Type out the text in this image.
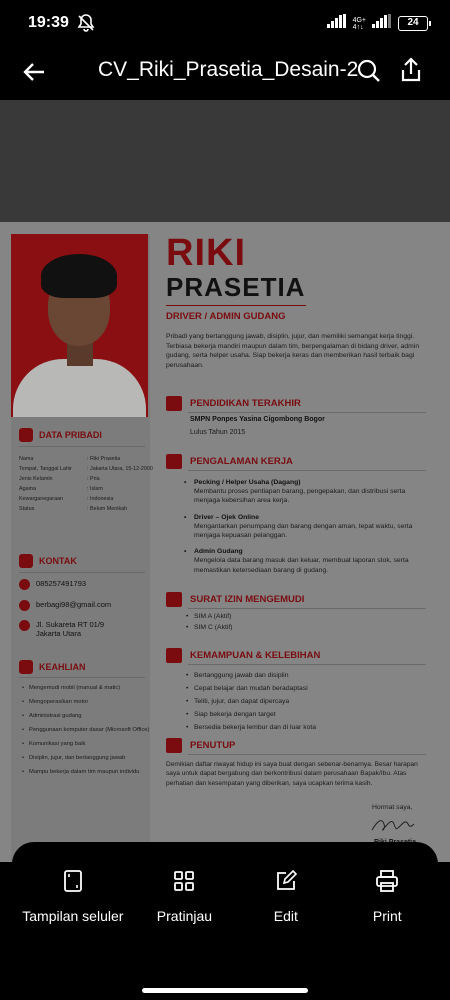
19:39	4G+
4↑↓	24
CV_Riki_Prasetia_Desain-2
DATA PRIBADI
Nama	: Riki Prasetia
Tempat, Tanggal Lahir	: Jakarta Utara, 15-12-2000
Jenis Kelamin	: Pria
Agama	: Islam
Kewarganegaraan	: Indonesia
Status	: Belum Menikah
KONTAK
085257491793
berbagi98@gmail.com
Jl. Sukareta RT 01/9
Jakarta Utara
KEAHLIAN
• Mengemudi mobil (manual & matic)
• Mengoperasikan motor
• Administrasi gudang
• Penggunaan komputer dasar (Microsoft Office)
• Komunikasi yang baik
• Disiplin, jujur, dan bertanggung jawab
• Mampu bekerja dalam tim maupun individu
RIKI
PRASETIA
DRIVER / ADMIN GUDANG
Pribadi yang bertanggung jawab, disiplin, jujur, dan memiliki semangat kerja tinggi. Terbiasa bekerja mandiri maupun dalam tim, berpengalaman di bidang driver, admin gudang, serta helper usaha. Siap bekerja keras dan memberikan hasil terbaik bagi perusahaan.
PENDIDIKAN TERAKHIR
SMPN Ponpes Yasina Cigombong Bogor
Lulus Tahun 2015
PENGALAMAN KERJA
• Pecking / Helper Usaha (Dagang)
Membantu proses pentiapan barang, pengepakan, dan distribusi serta menjaga kebersihan area kerja.
• Driver – Ojek Online
Mengantarkan penumpang dan barang dengan aman, tepat waktu, serta menjaga kepuasan pelanggan.
• Admin Gudang
Mengelola data barang masuk dan keluar, membuat laporan stok, serta memastikan ketersediaan barang di gudang.
SURAT IZIN MENGEMUDI
• SIM A (Aktif)
• SIM C (Aktif)
KEMAMPUAN & KELEBIHAN
• Bertanggung jawab dan disiplin
• Cepat belajar dan mudah beradaptasi
• Teliti, jujur, dan dapat dipercaya
• Siap bekerja dengan target
• Bersedia bekerja lembur dan di luar kota
PENUTUP
Demikian daftar riwayat hidup ini saya buat dengan sebenar-benarnya. Besar harapan saya untuk dapat bergabung dan berkontribusi dalam perusahaan Bapak/Ibu. Atas perhatian dan kesempatan yang diberikan, saya ucapkan terima kasih.
Hormat saya,
Tampilan seluler Pratinjau	Edit	Print
